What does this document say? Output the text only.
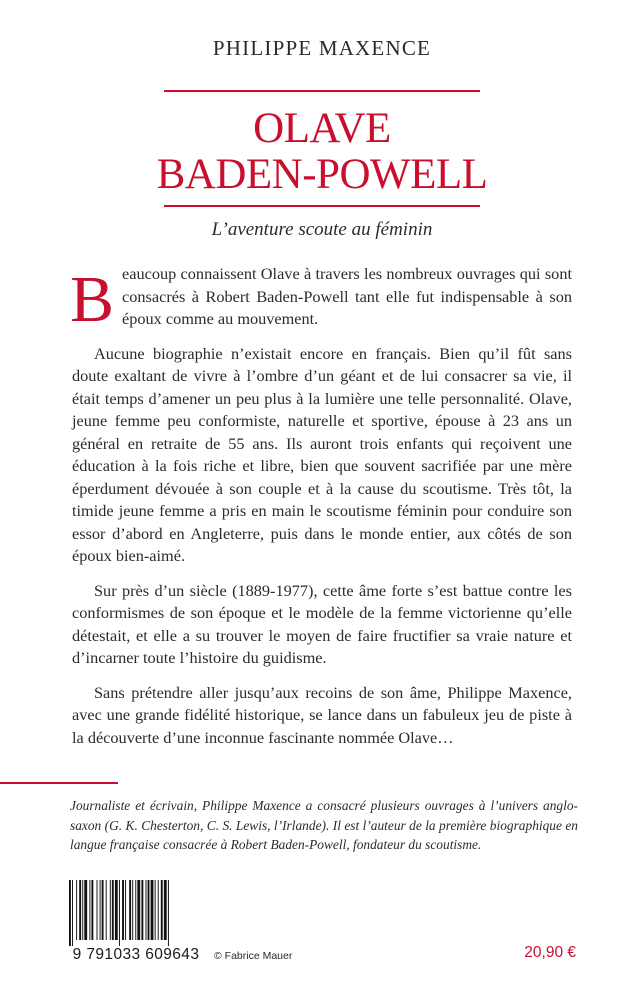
PHILIPPE MAXENCE
OLAVE
BADEN-POWELL
L’aventure scoute au féminin

Beaucoup connaissent Olave à travers les nombreux ouvrages qui sont consacrés à Robert Baden-Powell tant elle fut indispensable à son époux comme au mouvement.

Aucune biographie n’existait encore en français. Bien qu’il fût sans doute exaltant de vivre à l’ombre d’un géant et de lui consacrer sa vie, il était temps d’amener un peu plus à la lumière une telle personnalité. Olave, jeune femme peu conformiste, naturelle et sportive, épouse à 23 ans un général en retraite de 55 ans. Ils auront trois enfants qui reçoivent une éducation à la fois riche et libre, bien que souvent sacrifiée par une mère éperdument dévouée à son couple et à la cause du scoutisme. Très tôt, la timide jeune femme a pris en main le scoutisme féminin pour conduire son essor d’abord en Angleterre, puis dans le monde entier, aux côtés de son époux bien-aimé.

Sur près d’un siècle (1889-1977), cette âme forte s’est battue contre les conformismes de son époque et le modèle de la femme victorienne qu’elle détestait, et elle a su trouver le moyen de faire fructifier sa vraie nature et d’incarner toute l’histoire du guidisme.

Sans prétendre aller jusqu’aux recoins de son âme, Philippe Maxence, avec une grande fidélité historique, se lance dans un fabuleux jeu de piste à la découverte d’une inconnue fascinante nommée Olave…

Journaliste et écrivain, Philippe Maxence a consacré plusieurs ouvrages à l’univers anglo-saxon (G. K. Chesterton, C. S. Lewis, l’Irlande). Il est l’auteur de la première biographique en langue française consacrée à Robert Baden-Powell, fondateur du scoutisme.
9 791033 609643	© Fabrice Mauer	20,90 €
